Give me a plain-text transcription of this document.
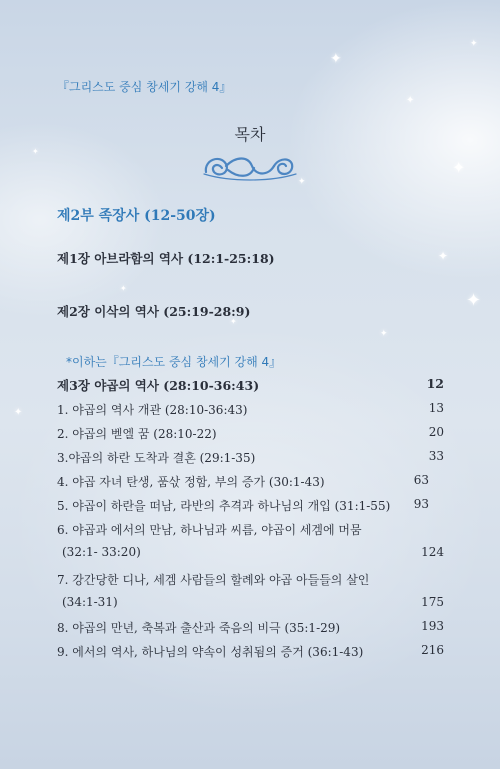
✦
✦
✦
✦
✦
✦
✦
✦
✦
✦
✦
✦
『그리스도 중심 창세기 강해 4』
목차
제2부 족장사 (12-50장)
제1장 아브라함의 역사 (12:1-25:18)
제2장 이삭의 역사 (25:19-28:9)
*이하는『그리스도 중심 창세기 강해 4』
제3장 야곱의 역사 (28:10-36:43)	12
1. 야곱의 역사 개관 (28:10-36:43)	13
2. 야곱의 벧엘 꿈 (28:10-22)	20
3.야곱의 하란 도착과 결혼 (29:1-35)	33
4. 야곱 자녀 탄생, 품삯 정함, 부의 증가 (30:1-43)	63
5. 야곱이 하란을 떠남, 라반의 추격과 하나님의 개입 (31:1-55) 93
6. 야곱과 에서의 만남, 하나님과 씨름, 야곱이 세겜에 머뭄
(32:1- 33:20)	124
7. 강간당한 디나, 세겜 사람들의 할례와 야곱 아들들의 살인
(34:1-31)	175
8. 야곱의 만년, 축복과 출산과 죽음의 비극 (35:1-29)	193
9. 에서의 역사, 하나님의 약속이 성취됨의 증거 (36:1-43)	216
